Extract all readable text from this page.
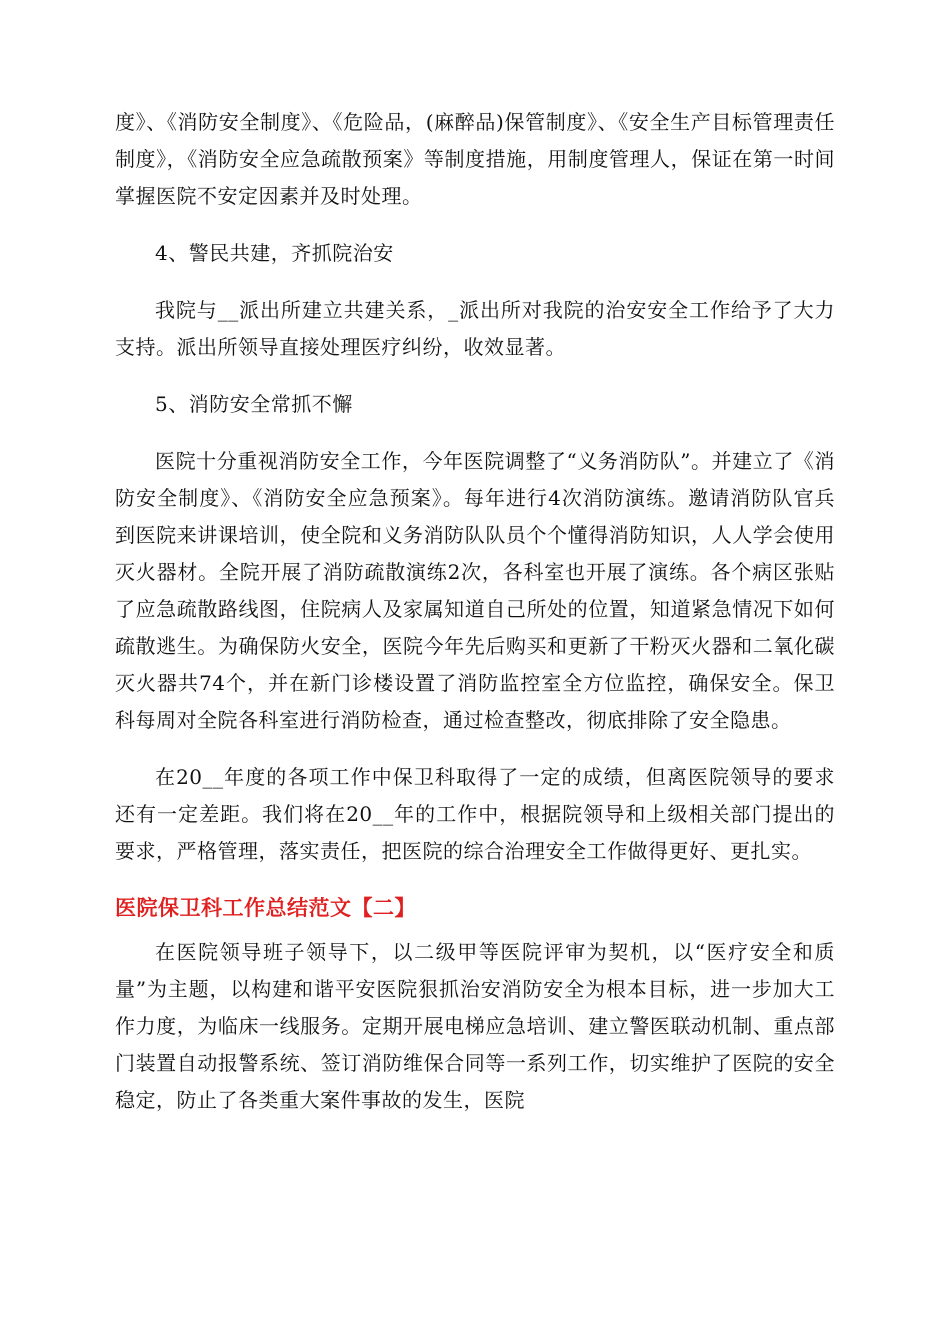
度》、《消防安全制度》、《危险品，(麻醉品)保管制度》、《安全生产目标管理责任制度》，《消防安全应急疏散预案》等制度措施，用制度管理人，保证在第一时间掌握医院不安定因素并及时处理。

4、警民共建，齐抓院治安

我院与__派出所建立共建关系，_派出所对我院的治安安全工作给予了大力支持。派出所领导直接处理医疗纠纷，收效显著。

5、消防安全常抓不懈

医院十分重视消防安全工作，今年医院调整了“义务消防队”。并建立了《消防安全制度》、《消防安全应急预案》。每年进行4次消防演练。邀请消防队官兵到医院来讲课培训，使全院和义务消防队队员个个懂得消防知识，人人学会使用灭火器材。全院开展了消防疏散演练2次，各科室也开展了演练。各个病区张贴了应急疏散路线图，住院病人及家属知道自己所处的位置，知道紧急情况下如何疏散逃生。为确保防火安全，医院今年先后购买和更新了干粉灭火器和二氧化碳灭火器共74个，并在新门诊楼设置了消防监控室全方位监控，确保安全。保卫科每周对全院各科室进行消防检查，通过检查整改，彻底排除了安全隐患。

在20__年度的各项工作中保卫科取得了一定的成绩，但离医院领导的要求还有一定差距。我们将在20__年的工作中，根据院领导和上级相关部门提出的要求，严格管理，落实责任，把医院的综合治理安全工作做得更好、更扎实。

医院保卫科工作总结范文【二】

在医院领导班子领导下，以二级甲等医院评审为契机，以“医疗安全和质量”为主题，以构建和谐平安医院狠抓治安消防安全为根本目标，进一步加大工作力度，为临床一线服务。定期开展电梯应急培训、建立警医联动机制、重点部门装置自动报警系统、签订消防维保合同等一系列工作，切实维护了医院的安全稳定，防止了各类重大案件事故的发生，医院
